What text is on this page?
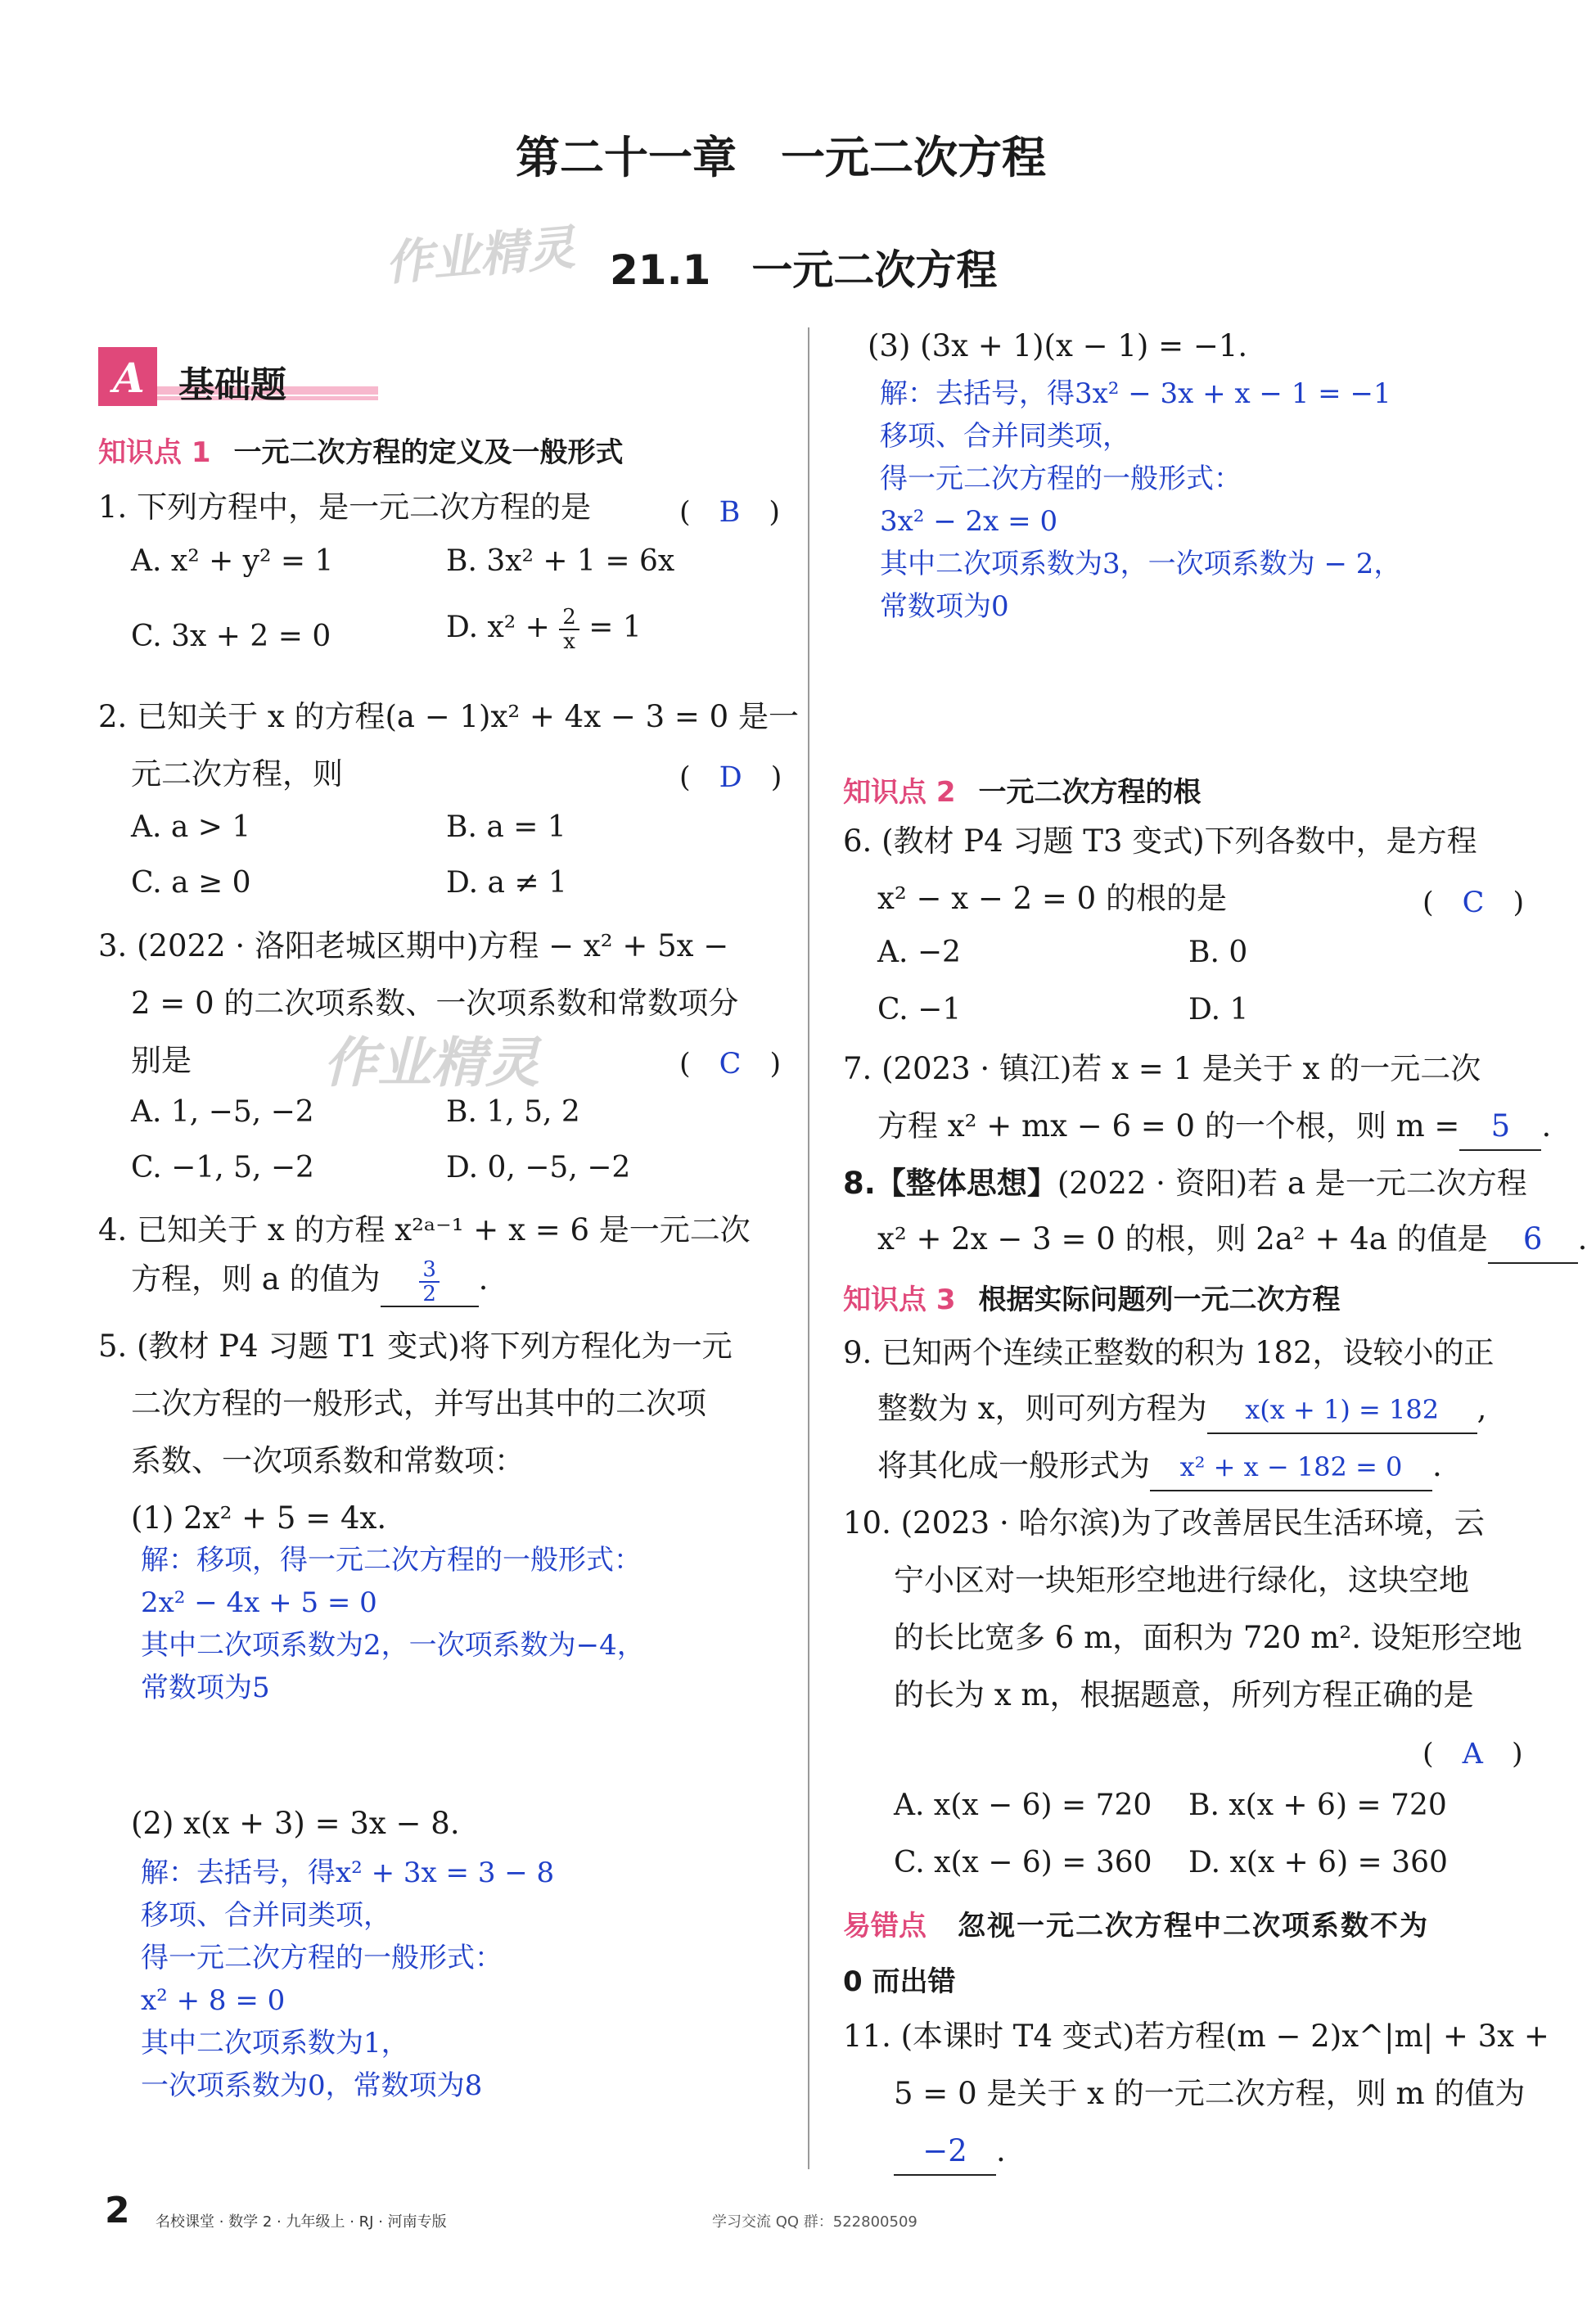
第二十一章　一元二次方程
作业精灵 21.1　一元二次方程
A 基础题
知识点 1 一元二次方程的定义及一般形式
1. 下列方程中，是一元二次方程的是	(　B　)
A. x² + y² = 1	B. 3x² + 1 = 6x
C. 3x + 2 = 0	D. $x^2 + \frac{2}{x} = 1$
2. 已知关于 x 的方程(a − 1)x² + 4x − 3 = 0 是一
元二次方程，则	(　D　)
A. a > 1	B. a = 1
C. a ≥ 0	D. a ≠ 1
3. (2022 · 洛阳老城区期中)方程 − x² + 5x −
2 = 0 的二次项系数、一次项系数和常数项分
别是 作业精灵	(　C　)
A. 1, −5, −2	B. 1, 5, 2
C. −1, 5, −2	D. 0, −5, −2
4. 已知关于 x 的方程 x²ᵃ⁻¹ + x = 6 是一元二次
方程，则 a 的值为 $\frac{3}{2}$ .
5. (教材 P4 习题 T1 变式)将下列方程化为一元
二次方程的一般形式，并写出其中的二次项
系数、一次项系数和常数项：
(1) 2x² + 5 = 4x.
解：移项，得一元二次方程的一般形式：
2x² − 4x + 5 = 0
其中二次项系数为2，一次项系数为−4，
常数项为5
(2) x(x + 3) = 3x − 8.
解：去括号，得x² + 3x = 3 − 8
移项、合并同类项，
得一元二次方程的一般形式：
x² + 8 = 0
其中二次项系数为1，
一次项系数为0，常数项为8
(3) (3x + 1)(x − 1) = −1.
解：去括号，得3x² − 3x + x − 1 = −1
移项、合并同类项，
得一元二次方程的一般形式：
3x² − 2x = 0
其中二次项系数为3，一次项系数为 − 2，
常数项为0
知识点 2 一元二次方程的根
6. (教材 P4 习题 T3 变式)下列各数中，是方程
x² − x − 2 = 0 的根的是	(　C　)
A. −2	B. 0
C. −1	D. 1
7. (2023 · 镇江)若 x = 1 是关于 x 的一元二次
方程 x² + mx − 6 = 0 的一个根，则 m = 5 .
8.【整体思想】(2022 · 资阳)若 a 是一元二次方程
x² + 2x − 3 = 0 的根，则 2a² + 4a 的值是 6 .
知识点 3 根据实际问题列一元二次方程
9. 已知两个连续正整数的积为 182，设较小的正
整数为 x，则可列方程为 x(x + 1) = 182 ,
将其化成一般形式为 x² + x − 182 = 0 .
10. (2023 · 哈尔滨)为了改善居民生活环境，云
宁小区对一块矩形空地进行绿化，这块空地
的长比宽多 6 m，面积为 720 m². 设矩形空地
的长为 x m，根据题意，所列方程正确的是
(　A　)
A. x(x − 6) = 720 B. x(x + 6) = 720
C. x(x − 6) = 360 D. x(x + 6) = 360
易错点 忽视一元二次方程中二次项系数不为
0 而出错
11. (本课时 T4 变式)若方程(m − 2)x^|m| + 3x +
5 = 0 是关于 x 的一元二次方程，则 m 的值为
−2 .
2 名校课堂 · 数学 2 · 九年级上 · RJ · 河南专版	学习交流 QQ 群：522800509
